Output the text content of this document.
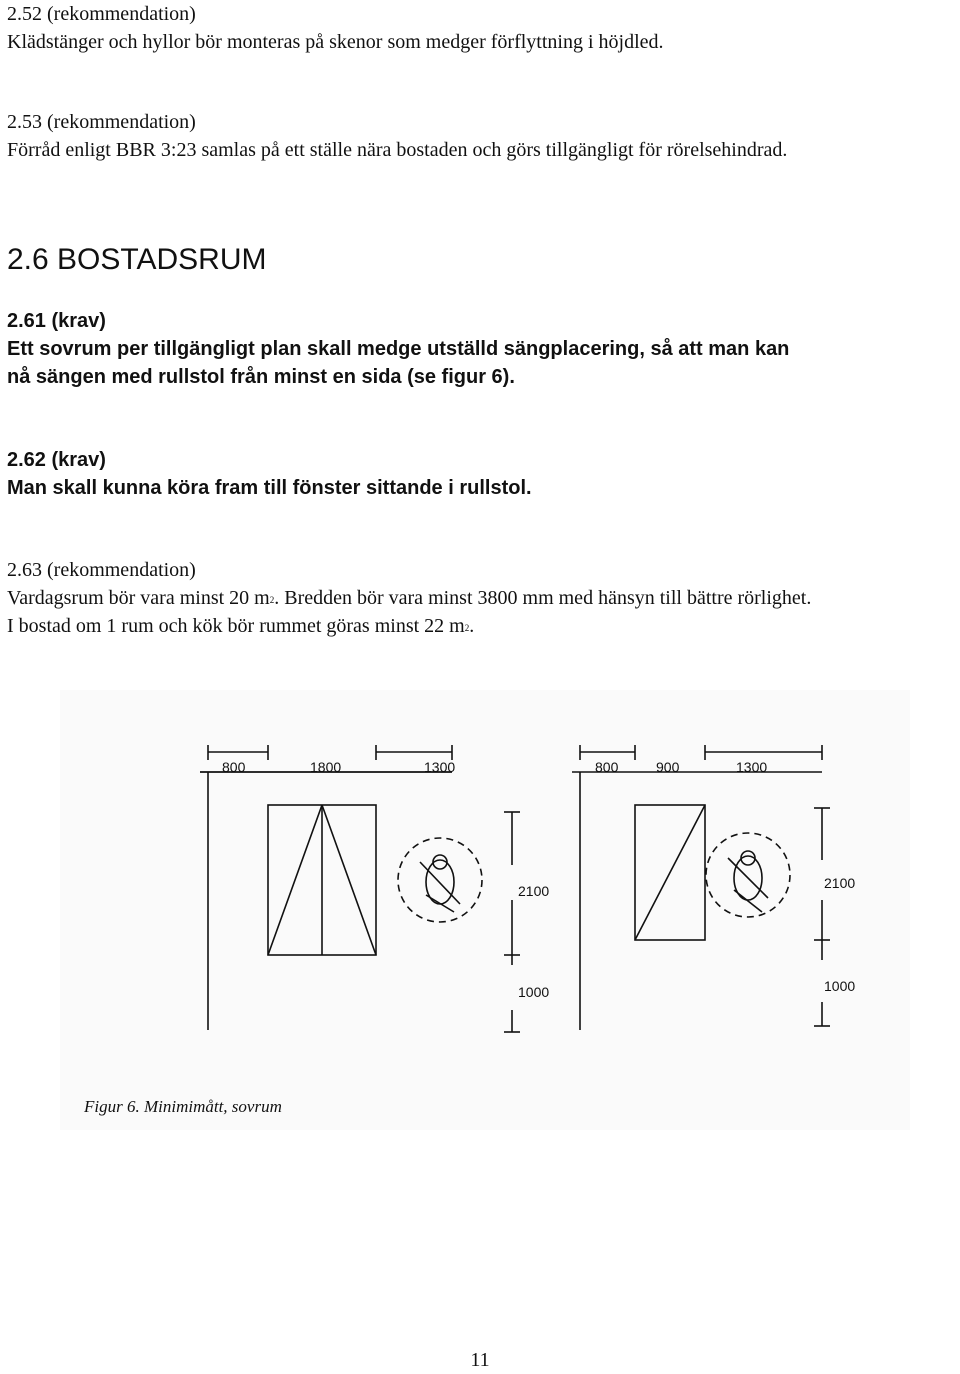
2.52 (rekommendation)
Klädstänger och hyllor bör monteras på skenor som medger förflyttning i höjdled.
2.53 (rekommendation)
Förråd enligt BBR 3:23 samlas på ett ställe nära bostaden och görs tillgängligt för rörelsehindrad.
2.6 BOSTADSRUM
2.61 (krav)
Ett sovrum per tillgängligt plan skall medge utställd sängplacering, så att man kan
nå sängen med rullstol från minst en sida (se figur 6).
2.62 (krav)
Man skall kunna köra fram till fönster sittande i rullstol.
2.63 (rekommendation)
Vardagsrum bör vara minst 20 $m^2$. Bredden bör vara minst 3800 mm med hänsyn till bättre rörlighet.
I bostad om 1 rum och kök bör rummet göras minst 22 $m^2$.
800	1800	1300
2100
1000
800	900	1300
2100
1000
Figur 6. Minimimått, sovrum
11
